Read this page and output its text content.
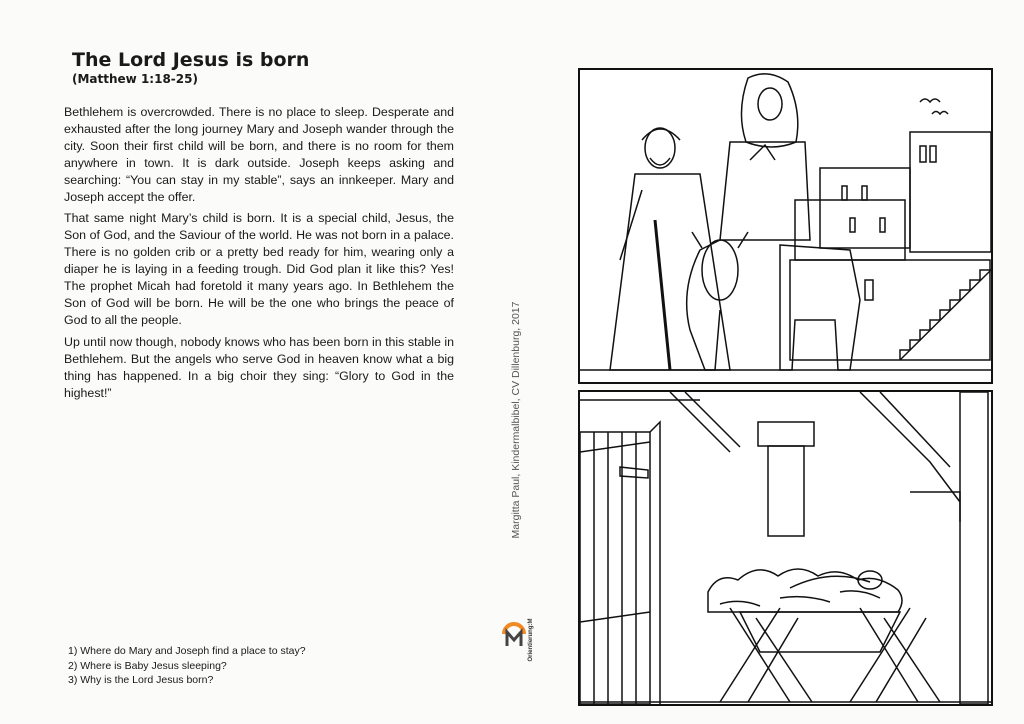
The Lord Jesus is born
(Matthew 1:18-25)

Bethlehem is overcrowded. There is no place to sleep. Desperate and exhausted after the long journey Mary and Joseph wander through the city. Soon their first child will be born, and there is no room for them anywhere in town. It is dark outside. Joseph keeps asking and searching: “You can stay in my stable”, says an innkeeper. Mary and Joseph accept the offer.

That same night Mary’s child is born. It is a special child, Jesus, the Son of God, and the Saviour of the world. He was not born in a palace. There is no golden crib or a pretty bed ready for him, wearing only a diaper he is laying in a feeding trough. Did God plan it like this? Yes! The prophet Micah had foretold it many years ago. In Bethlehem the Son of God will be born. He will be the one who brings the peace of God to all the people.

Up until now though, nobody knows who has been born in this stable in Bethlehem. But the angels who serve God in heaven know what a big thing has happened. In a big choir they sing: “Glory to God in the highest!”

1) Where do Mary and Joseph find a place to stay?
2) Where is Baby Jesus sleeping?
3) Why is the Lord Jesus born?
Margitta Paul, Kindermalbibel, CV Dillenburg, 2017
Orientierung:M
